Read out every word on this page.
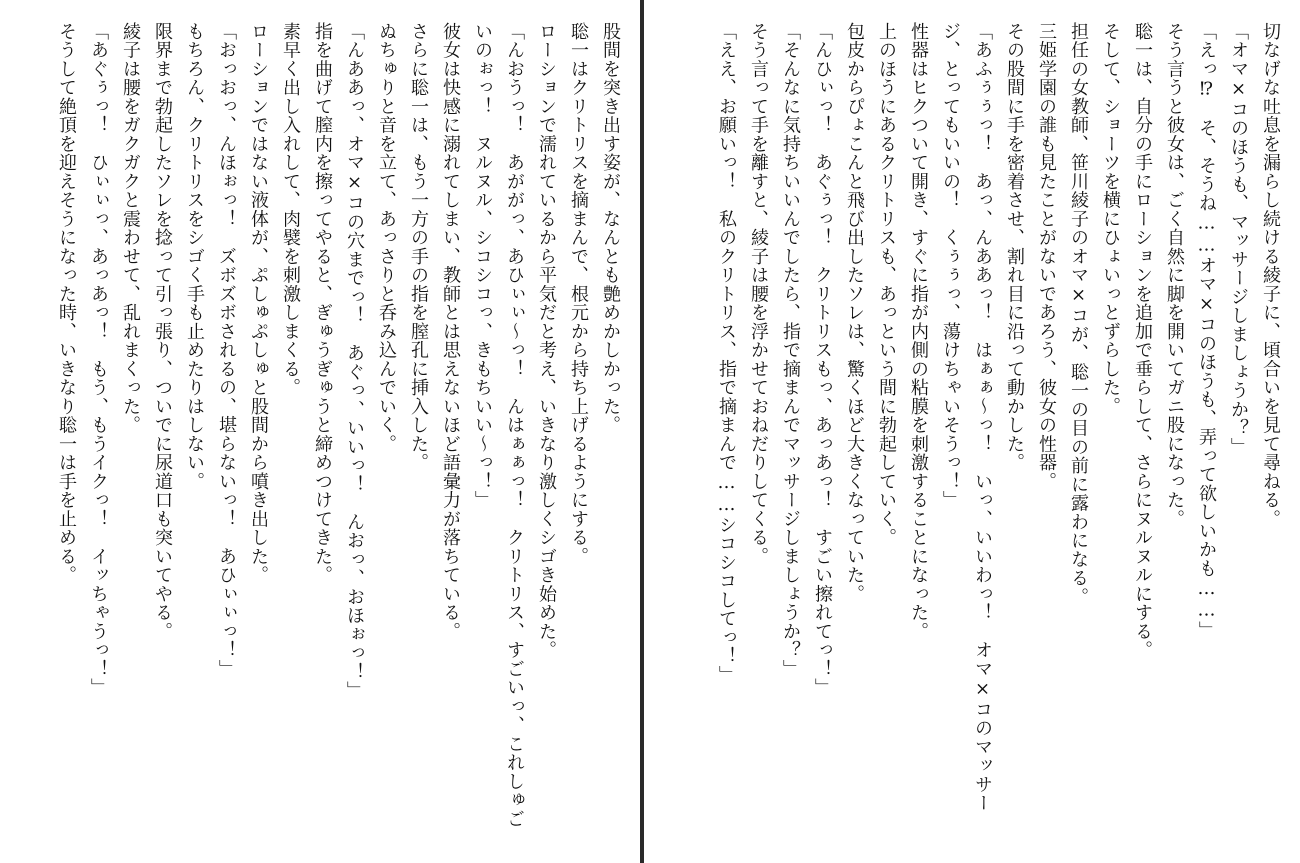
切なげな吐息を漏らし続ける綾子に、頃合いを見て尋ねる。
「オマ×コのほうも、マッサージしましょうか？」
「えっ⁉　そ、そうね……オマ×コのほうも、弄って欲しいかも……」
そう言うと彼女は、ごく自然に脚を開いてガニ股になった。
聡一は、自分の手にローションを追加で垂らして、さらにヌルヌルにする。
そして、ショーツを横にひょいっとずらした。
担任の女教師、笹川綾子のオマ×コが、聡一の目の前に露わになる。
三姫学園の誰も見たことがないであろう、彼女の性器。
その股間に手を密着させ、割れ目に沿って動かした。
「あふぅぅっ！　あっ、んああっ！　はぁぁ～っ！　いっ、いいわっ！　オマ×コのマッサー
ジ、とってもいいの！　くぅぅっ、蕩けちゃいそうっ！」
性器はヒクついて開き、すぐに指が内側の粘膜を刺激することになった。
上のほうにあるクリトリスも、あっという間に勃起していく。
包皮からぴょこんと飛び出したソレは、驚くほど大きくなっていた。
「んひぃっ！　あぐぅっ！　クリトリスもっ、あっあっ！　すごい擦れてっ！」
「そんなに気持ちいいんでしたら、指で摘まんでマッサージしましょうか？」
そう言って手を離すと、綾子は腰を浮かせておねだりしてくる。
「ええ、お願いっ！　私のクリトリス、指で摘まんで……シコシコしてっ！」
股間を突き出す姿が、なんとも艶めかしかった。
聡一はクリトリスを摘まんで、根元から持ち上げるようにする。
ローションで濡れているから平気だと考え、いきなり激しくシゴき始めた。
「んおうっ！　あががっ、あひぃぃ～っ！　んはぁぁっ！　クリトリス、すごいっ、これしゅご
いのぉっ！　ヌルヌル、シコシコっ、きもちいい～っ！」
彼女は快感に溺れてしまい、教師とは思えないほど語彙力が落ちている。
さらに聡一は、もう一方の手の指を膣孔に挿入した。
ぬちゅりと音を立て、あっさりと呑み込んでいく。
「んああっ、オマ×コの穴までっ！　あぐっ、いいっ！　んおっ、おほぉっ！」
指を曲げて膣内を擦ってやると、ぎゅうぎゅうと締めつけてきた。
素早く出し入れして、肉襞を刺激しまくる。
ローションではない液体が、ぷしゅぷしゅと股間から噴き出した。
「おっおっ、んほぉっ！　ズボズボされるの、堪らないっ！　あひぃぃっ！」
もちろん、クリトリスをシゴく手も止めたりはしない。
限界まで勃起したソレを捻って引っ張り、ついでに尿道口も突いてやる。
綾子は腰をガクガクと震わせて、乱れまくった。
「あぐぅっ！　ひぃぃっ、あっあっ！　もう、もうイクっ！　イッちゃうっ！」
そうして絶頂を迎えそうになった時、いきなり聡一は手を止める。
